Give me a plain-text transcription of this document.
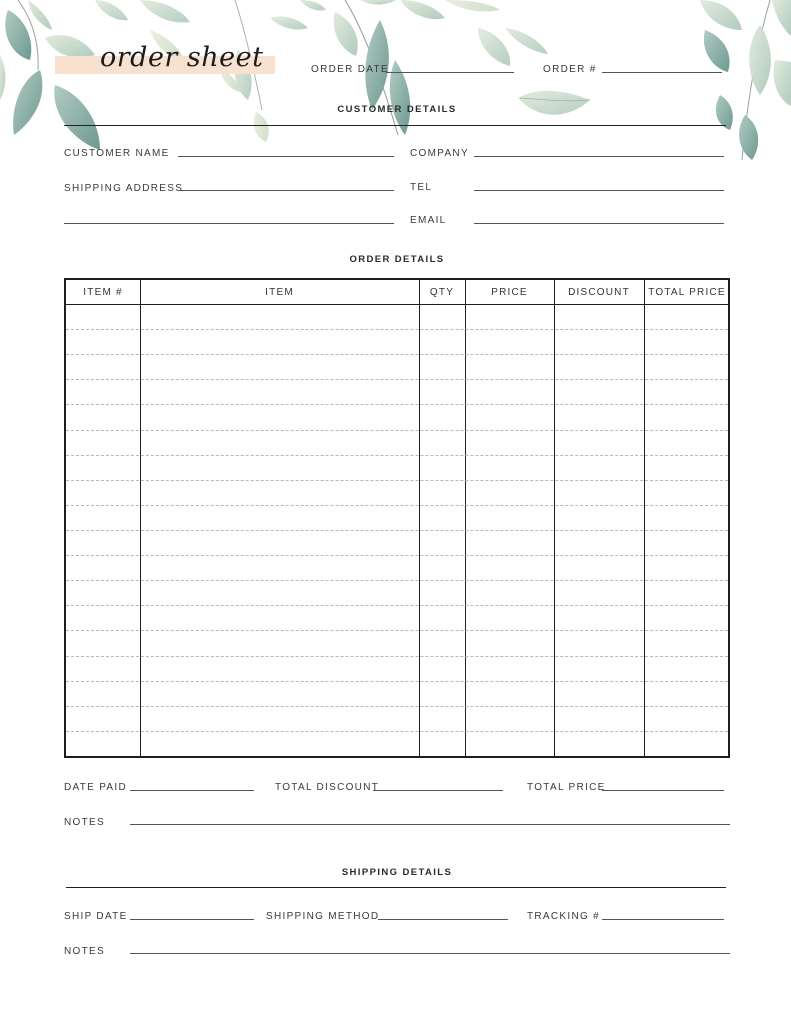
order sheet	ORDER DATE	ORDER #
CUSTOMER DETAILS
CUSTOMER NAME	COMPANY
SHIPPING ADDRESS	TEL
EMAIL
ORDER DETAILS
ITEM #	ITEM	QTY	PRICE	DISCOUNT	TOTAL PRICE
DATE PAID	TOTAL DISCOUNT	TOTAL PRICE
NOTES
SHIPPING DETAILS
SHIP DATE	SHIPPING METHOD	TRACKING #
NOTES
